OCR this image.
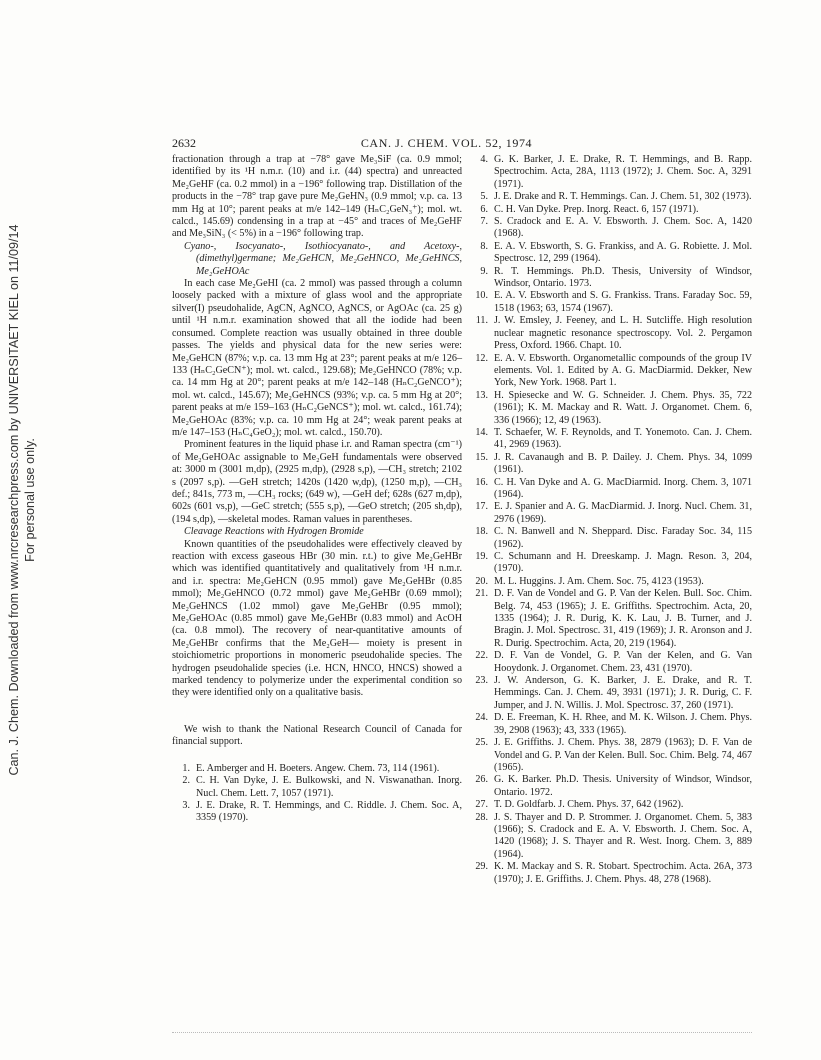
Can. J. Chem. Downloaded from www.nrcresearchpress.com by UNIVERSITAET KIEL on 11/09/14 For personal use only.
CAN. J. CHEM. VOL. 52, 1974
2632

fractionation through a trap at −78° gave Me₃SiF (ca. 0.9 mmol; identified by its ¹H n.m.r. (10) and i.r. (44) spectra) and unreacted Me₂GeHF (ca. 0.2 mmol) in a −196° following trap. Distillation of the products in the −78° trap gave pure Me₂GeHN₃ (0.9 mmol; v.p. ca. 13 mm Hg at 10°; parent peaks at m/e 142–149 (HₙC₂GeN₃⁺); mol. wt. calcd., 145.69) condensing in a trap at −45° and traces of Me₂GeHF and Me₃SiN₃ (< 5%) in a −196° following trap.

Cyano-, Isocyanato-, Isothiocyanato-, and Acetoxy-, (dimethyl)germane; Me₂GeHCN, Me₂GeHNCO, Me₂GeHNCS, Me₂GeHOAc

In each case Me₂GeHI (ca. 2 mmol) was passed through a column loosely packed with a mixture of glass wool and the appropriate silver(I) pseudohalide, AgCN, AgNCO, AgNCS, or AgOAc (ca. 25 g) until ¹H n.m.r. examination showed that all the iodide had been consumed. Complete reaction was usually obtained in three double passes. The yields and physical data for the new series were: Me₂GeHCN (87%; v.p. ca. 13 mm Hg at 23°; parent peaks at m/e 126–133 (HₙC₂GeCN⁺); mol. wt. calcd., 129.68); Me₂GeHNCO (78%; v.p. ca. 14 mm Hg at 20°; parent peaks at m/e 142–148 (HₙC₂GeNCO⁺); mol. wt. calcd., 145.67); Me₂GeHNCS (93%; v.p. ca. 5 mm Hg at 20°; parent peaks at m/e 159–163 (HₙC₂GeNCS⁺); mol. wt. calcd., 161.74); Me₂GeHOAc (83%; v.p. ca. 10 mm Hg at 24°; weak parent peaks at m/e 147–153 (HₙC₄GeO₂); mol. wt. calcd., 150.70).

Prominent features in the liquid phase i.r. and Raman spectra (cm⁻¹) of Me₂GeHOAc assignable to Me₂GeH fundamentals were observed at: 3000 m (3001 m,dp), (2925 m,dp), (2928 s,p), —CH₃ stretch; 2102 s (2097 s,p). —GeH stretch; 1420s (1420 w,dp), (1250 m,p), —CH₃ def.; 841s, 773 m, —CH₃ rocks; (649 w), —GeH def; 628s (627 m,dp), 602s (601 vs,p), —GeC stretch; (555 s,p), —GeO stretch; (205 sh,dp), (194 s,dp), —skeletal modes. Raman values in parentheses.

Cleavage Reactions with Hydrogen Bromide

Known quantities of the pseudohalides were effectively cleaved by reaction with excess gaseous HBr (30 min. r.t.) to give Me₂GeHBr which was identified quantitatively and qualitatively from ¹H n.m.r. and i.r. spectra: Me₂GeHCN (0.95 mmol) gave Me₂GeHBr (0.85 mmol); Me₂GeHNCO (0.72 mmol) gave Me₂GeHBr (0.69 mmol); Me₂GeHNCS (1.02 mmol) gave Me₂GeHBr (0.95 mmol); Me₂GeHOAc (0.85 mmol) gave Me₂GeHBr (0.83 mmol) and AcOH (ca. 0.8 mmol). The recovery of near-quantitative amounts of Me₂GeHBr confirms that the Me₂GeH— moiety is present in stoichiometric proportions in monomeric pseudohalide species. The hydrogen pseudohalide species (i.e. HCN, HNCO, HNCS) showed a marked tendency to polymerize under the experimental condition so they were identified only on a qualitative basis.

We wish to thank the National Research Council of Canada for financial support.

1. E. Amberger and H. Boeters. Angew. Chem. 73, 114 (1961).
2. C. H. Van Dyke, J. E. Bulkowski, and N. Viswanathan. Inorg. Nucl. Chem. Lett. 7, 1057 (1971).
3. J. E. Drake, R. T. Hemmings, and C. Riddle. J. Chem. Soc. A, 3359 (1970).
4. G. K. Barker, J. E. Drake, R. T. Hemmings, and B. Rapp. Spectrochim. Acta, 28A, 1113 (1972); J. Chem. Soc. A, 3291 (1971).
5. J. E. Drake and R. T. Hemmings. Can. J. Chem. 51, 302 (1973).
6. C. H. Van Dyke. Prep. Inorg. React. 6, 157 (1971).
7. S. Cradock and E. A. V. Ebsworth. J. Chem. Soc. A, 1420 (1968).
8. E. A. V. Ebsworth, S. G. Frankiss, and A. G. Robiette. J. Mol. Spectrosc. 12, 299 (1964).
9. R. T. Hemmings. Ph.D. Thesis, University of Windsor, Windsor, Ontario. 1973.
10. E. A. V. Ebsworth and S. G. Frankiss. Trans. Faraday Soc. 59, 1518 (1963; 63, 1574 (1967).
11. J. W. Emsley, J. Feeney, and L. H. Sutcliffe. High resolution nuclear magnetic resonance spectroscopy. Vol. 2. Pergamon Press, Oxford. 1966. Chapt. 10.
12. E. A. V. Ebsworth. Organometallic compounds of the group IV elements. Vol. 1. Edited by A. G. MacDiarmid. Dekker, New York, New York. 1968. Part 1.
13. H. Spiesecke and W. G. Schneider. J. Chem. Phys. 35, 722 (1961); K. M. Mackay and R. Watt. J. Organomet. Chem. 6, 336 (1966); 12, 49 (1963).
14. T. Schaefer, W. F. Reynolds, and T. Yonemoto. Can. J. Chem. 41, 2969 (1963).
15. J. R. Cavanaugh and B. P. Dailey. J. Chem. Phys. 34, 1099 (1961).
16. C. H. Van Dyke and A. G. MacDiarmid. Inorg. Chem. 3, 1071 (1964).
17. E. J. Spanier and A. G. MacDiarmid. J. Inorg. Nucl. Chem. 31, 2976 (1969).
18. C. N. Banwell and N. Sheppard. Disc. Faraday Soc. 34, 115 (1962).
19. C. Schumann and H. Dreeskamp. J. Magn. Reson. 3, 204, (1970).
20. M. L. Huggins. J. Am. Chem. Soc. 75, 4123 (1953).
21. D. F. Van de Vondel and G. P. Van der Kelen. Bull. Soc. Chim. Belg. 74, 453 (1965); J. E. Griffiths. Spectrochim. Acta, 20, 1335 (1964); J. R. Durig, K. K. Lau, J. B. Turner, and J. Bragin. J. Mol. Spectrosc. 31, 419 (1969); J. R. Aronson and J. R. Durig. Spectrochim. Acta, 20, 219 (1964).
22. D. F. Van de Vondel, G. P. Van der Kelen, and G. Van Hooydonk. J. Organomet. Chem. 23, 431 (1970).
23. J. W. Anderson, G. K. Barker, J. E. Drake, and R. T. Hemmings. Can. J. Chem. 49, 3931 (1971); J. R. Durig, C. F. Jumper, and J. N. Willis. J. Mol. Spectrosc. 37, 260 (1971).
24. D. E. Freeman, K. H. Rhee, and M. K. Wilson. J. Chem. Phys. 39, 2908 (1963); 43, 333 (1965).
25. J. E. Griffiths. J. Chem. Phys. 38, 2879 (1963); D. F. Van de Vondel and G. P. Van der Kelen. Bull. Soc. Chim. Belg. 74, 467 (1965).
26. G. K. Barker. Ph.D. Thesis. University of Windsor, Windsor, Ontario. 1972.
27. T. D. Goldfarb. J. Chem. Phys. 37, 642 (1962).
28. J. S. Thayer and D. P. Strommer. J. Organomet. Chem. 5, 383 (1966); S. Cradock and E. A. V. Ebsworth. J. Chem. Soc. A, 1420 (1968); J. S. Thayer and R. West. Inorg. Chem. 3, 889 (1964).
29. K. M. Mackay and S. R. Stobart. Spectrochim. Acta. 26A, 373 (1970); J. E. Griffiths. J. Chem. Phys. 48, 278 (1968).
